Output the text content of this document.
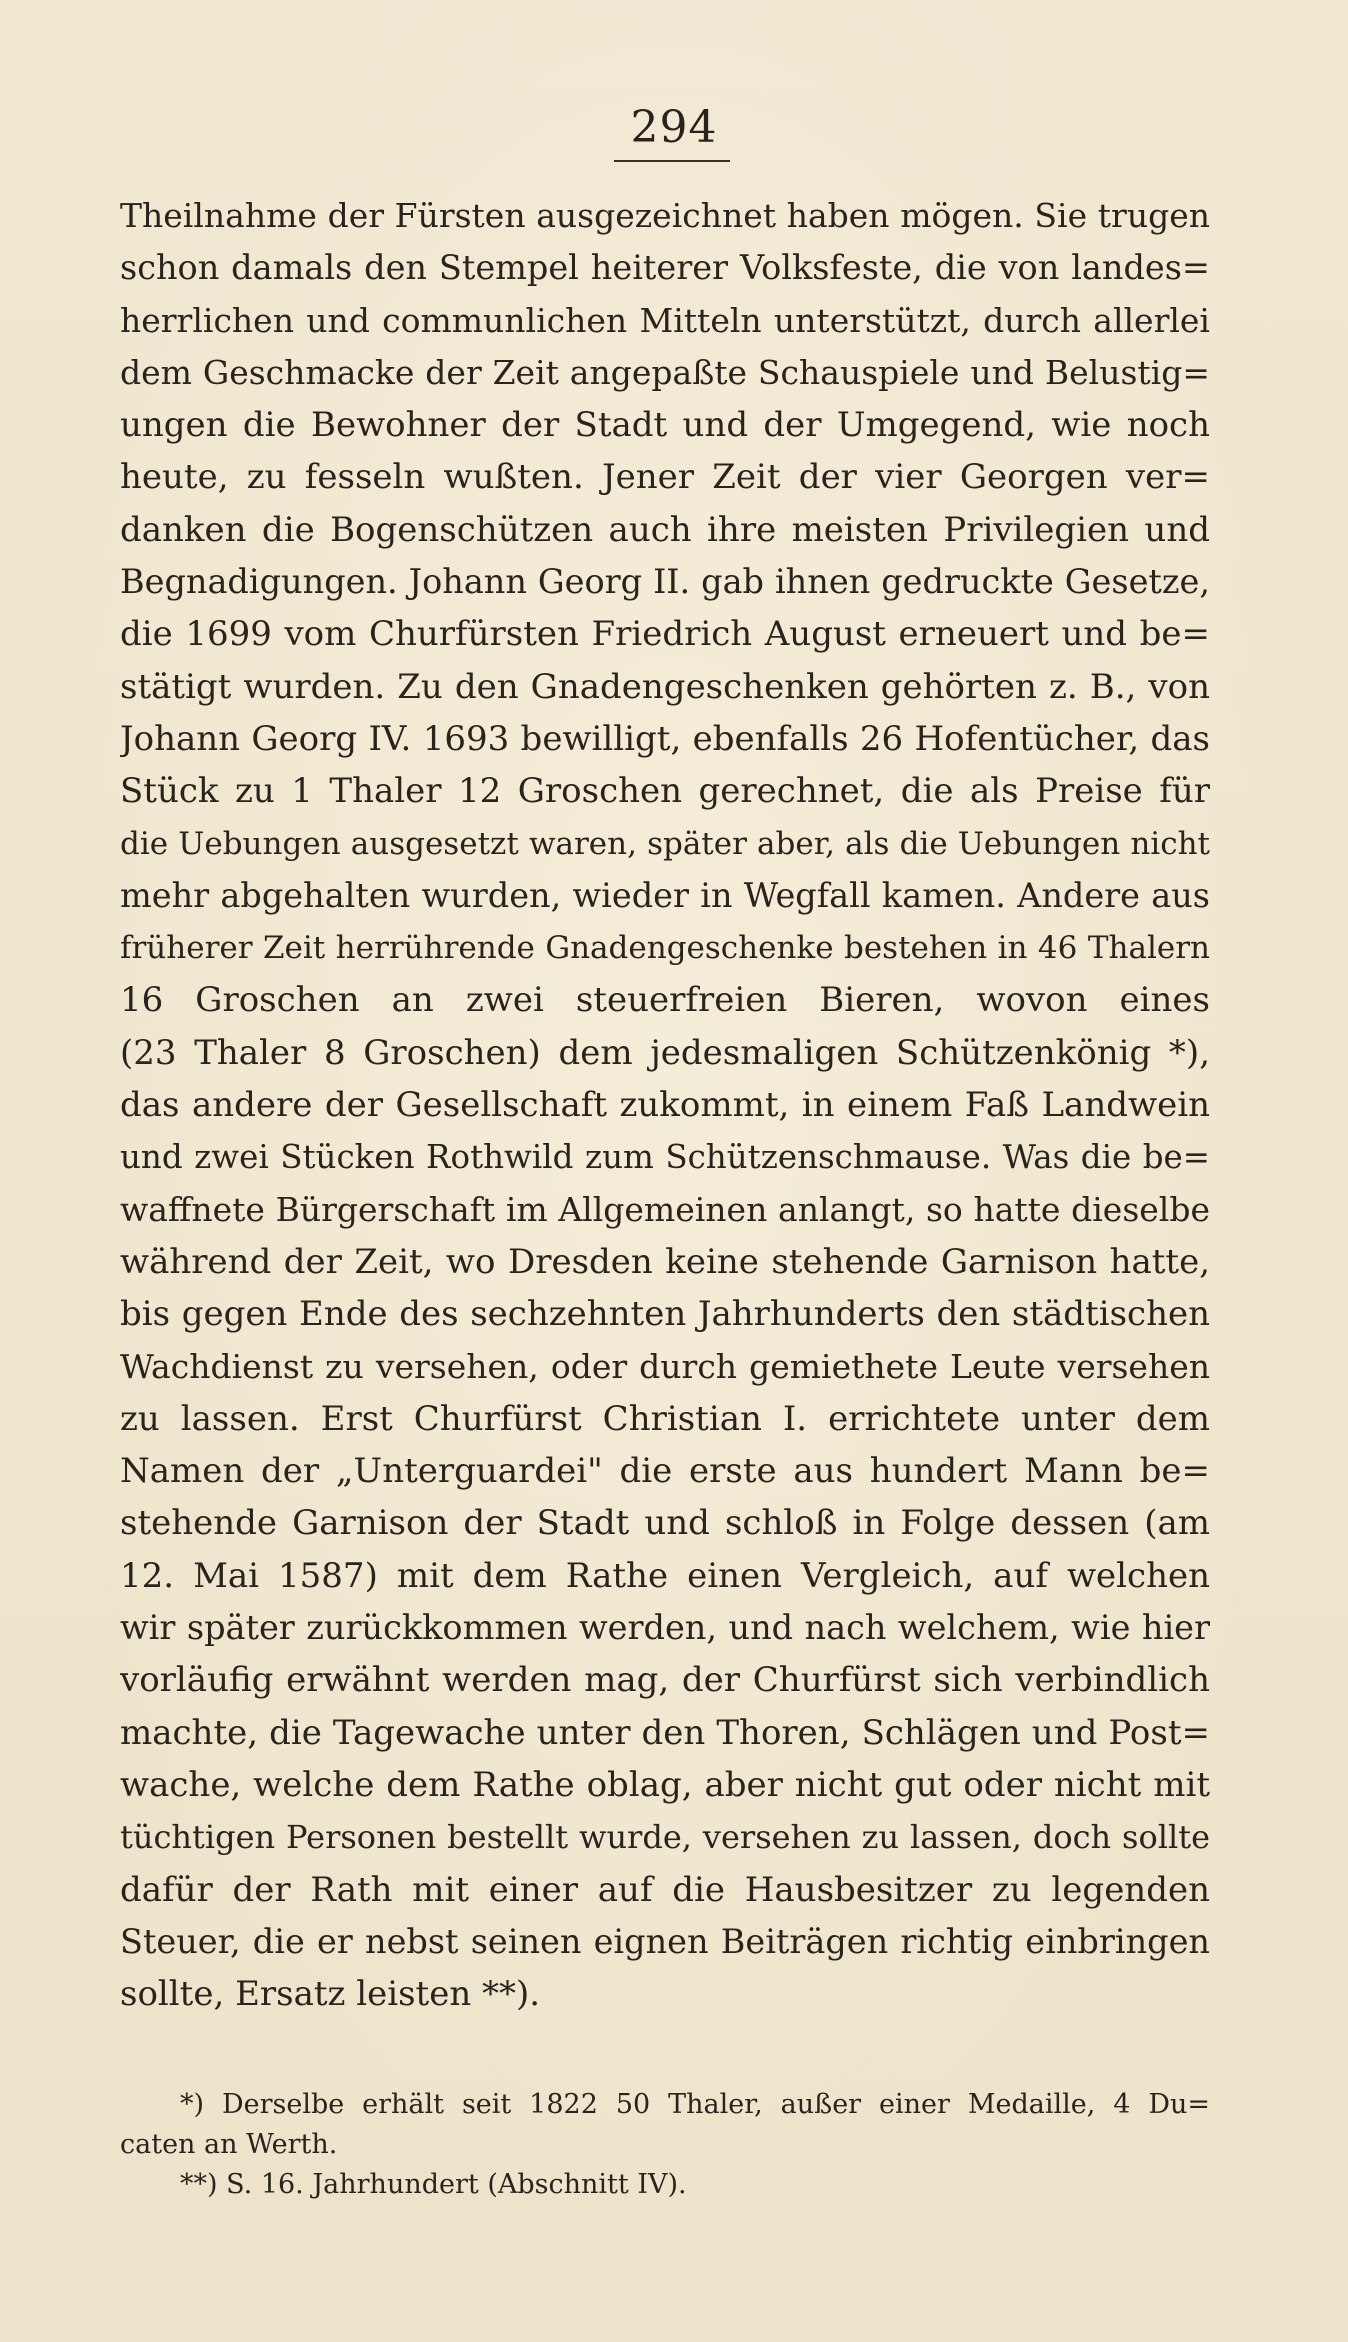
294
Theilnahme der Fürsten ausgezeichnet haben mögen. Sie trugen
schon damals den Stempel heiterer Volksfeste, die von landes=
herrlichen und communlichen Mitteln unterstützt, durch allerlei
dem Geschmacke der Zeit angepaßte Schauspiele und Belustig=
ungen die Bewohner der Stadt und der Umgegend, wie noch
heute, zu fesseln wußten. Jener Zeit der vier Georgen ver=
danken die Bogenschützen auch ihre meisten Privilegien und
Begnadigungen. Johann Georg II. gab ihnen gedruckte Gesetze,
die 1699 vom Churfürsten Friedrich August erneuert und be=
stätigt wurden. Zu den Gnadengeschenken gehörten z. B., von
Johann Georg IV. 1693 bewilligt, ebenfalls 26 Hofentücher, das
Stück zu 1 Thaler 12 Groschen gerechnet, die als Preise für
die Uebungen ausgesetzt waren, später aber, als die Uebungen nicht
mehr abgehalten wurden, wieder in Wegfall kamen. Andere aus
früherer Zeit herrührende Gnadengeschenke bestehen in 46 Thalern
16 Groschen an zwei steuerfreien Bieren, wovon eines
(23 Thaler 8 Groschen) dem jedesmaligen Schützenkönig *),
das andere der Gesellschaft zukommt, in einem Faß Landwein
und zwei Stücken Rothwild zum Schützenschmause. Was die be=
waffnete Bürgerschaft im Allgemeinen anlangt, so hatte dieselbe
während der Zeit, wo Dresden keine stehende Garnison hatte,
bis gegen Ende des sechzehnten Jahrhunderts den städtischen
Wachdienst zu versehen, oder durch gemiethete Leute versehen
zu lassen. Erst Churfürst Christian I. errichtete unter dem
Namen der „Unterguardei" die erste aus hundert Mann be=
stehende Garnison der Stadt und schloß in Folge dessen (am
12. Mai 1587) mit dem Rathe einen Vergleich, auf welchen
wir später zurückkommen werden, und nach welchem, wie hier
vorläufig erwähnt werden mag, der Churfürst sich verbindlich
machte, die Tagewache unter den Thoren, Schlägen und Post=
wache, welche dem Rathe oblag, aber nicht gut oder nicht mit
tüchtigen Personen bestellt wurde, versehen zu lassen, doch sollte
dafür der Rath mit einer auf die Hausbesitzer zu legenden
Steuer, die er nebst seinen eignen Beiträgen richtig einbringen
sollte, Ersatz leisten **).
*) Derselbe erhält seit 1822 50 Thaler, außer einer Medaille, 4 Du=
caten an Werth.
**) S. 16. Jahrhundert (Abschnitt IV).
